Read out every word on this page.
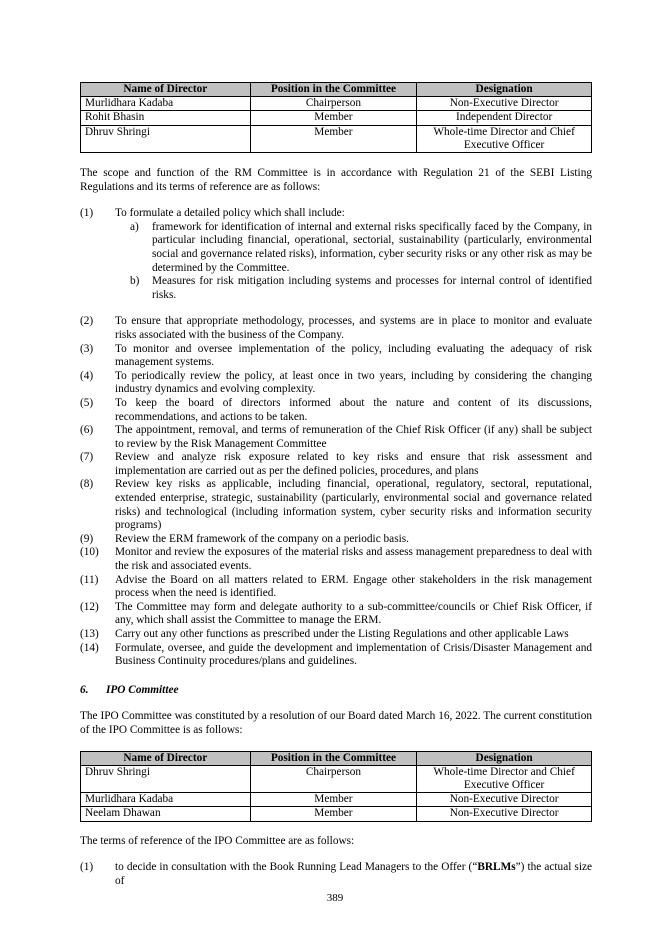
Name of Director	Position in the Committee	Designation
Murlidhara Kadaba	Chairperson	Non-Executive Director
Rohit Bhasin	Member	Independent Director
Dhruv Shringi	Member	Whole-time Director and Chief Executive Officer
The scope and function of the RM Committee is in accordance with Regulation 21 of the SEBI Listing Regulations and its terms of reference are as follows:
(1) To formulate a detailed policy which shall include:
a) framework for identification of internal and external risks specifically faced by the Company, in particular including financial, operational, sectorial, sustainability (particularly, environmental social and governance related risks), information, cyber security risks or any other risk as may be determined by the Committee.
b) Measures for risk mitigation including systems and processes for internal control of identified risks.
(2) To ensure that appropriate methodology, processes, and systems are in place to monitor and evaluate risks associated with the business of the Company.
(3) To monitor and oversee implementation of the policy, including evaluating the adequacy of risk management systems.
(4) To periodically review the policy, at least once in two years, including by considering the changing industry dynamics and evolving complexity.
(5) To keep the board of directors informed about the nature and content of its discussions, recommendations, and actions to be taken.
(6) The appointment, removal, and terms of remuneration of the Chief Risk Officer (if any) shall be subject to review by the Risk Management Committee
(7) Review and analyze risk exposure related to key risks and ensure that risk assessment and implementation are carried out as per the defined policies, procedures, and plans
(8) Review key risks as applicable, including financial, operational, regulatory, sectoral, reputational, extended enterprise, strategic, sustainability (particularly, environmental social and governance related risks) and technological (including information system, cyber security risks and information security programs)
(9) Review the ERM framework of the company on a periodic basis.
(10) Monitor and review the exposures of the material risks and assess management preparedness to deal with the risk and associated events.
(11) Advise the Board on all matters related to ERM. Engage other stakeholders in the risk management process when the need is identified.
(12) The Committee may form and delegate authority to a sub-committee/councils or Chief Risk Officer, if any, which shall assist the Committee to manage the ERM.
(13) Carry out any other functions as prescribed under the Listing Regulations and other applicable Laws
(14) Formulate, oversee, and guide the development and implementation of Crisis/Disaster Management and Business Continuity procedures/plans and guidelines.
6. IPO Committee
The IPO Committee was constituted by a resolution of our Board dated March 16, 2022. The current constitution of the IPO Committee is as follows:
Name of Director	Position in the Committee	Designation
Dhruv Shringi	Chairperson	Whole-time Director and Chief Executive Officer
Murlidhara Kadaba	Member	Non-Executive Director
Neelam Dhawan	Member	Non-Executive Director
The terms of reference of the IPO Committee are as follows:
(1) to decide in consultation with the Book Running Lead Managers to the Offer (“BRLMs”) the actual size of
389
